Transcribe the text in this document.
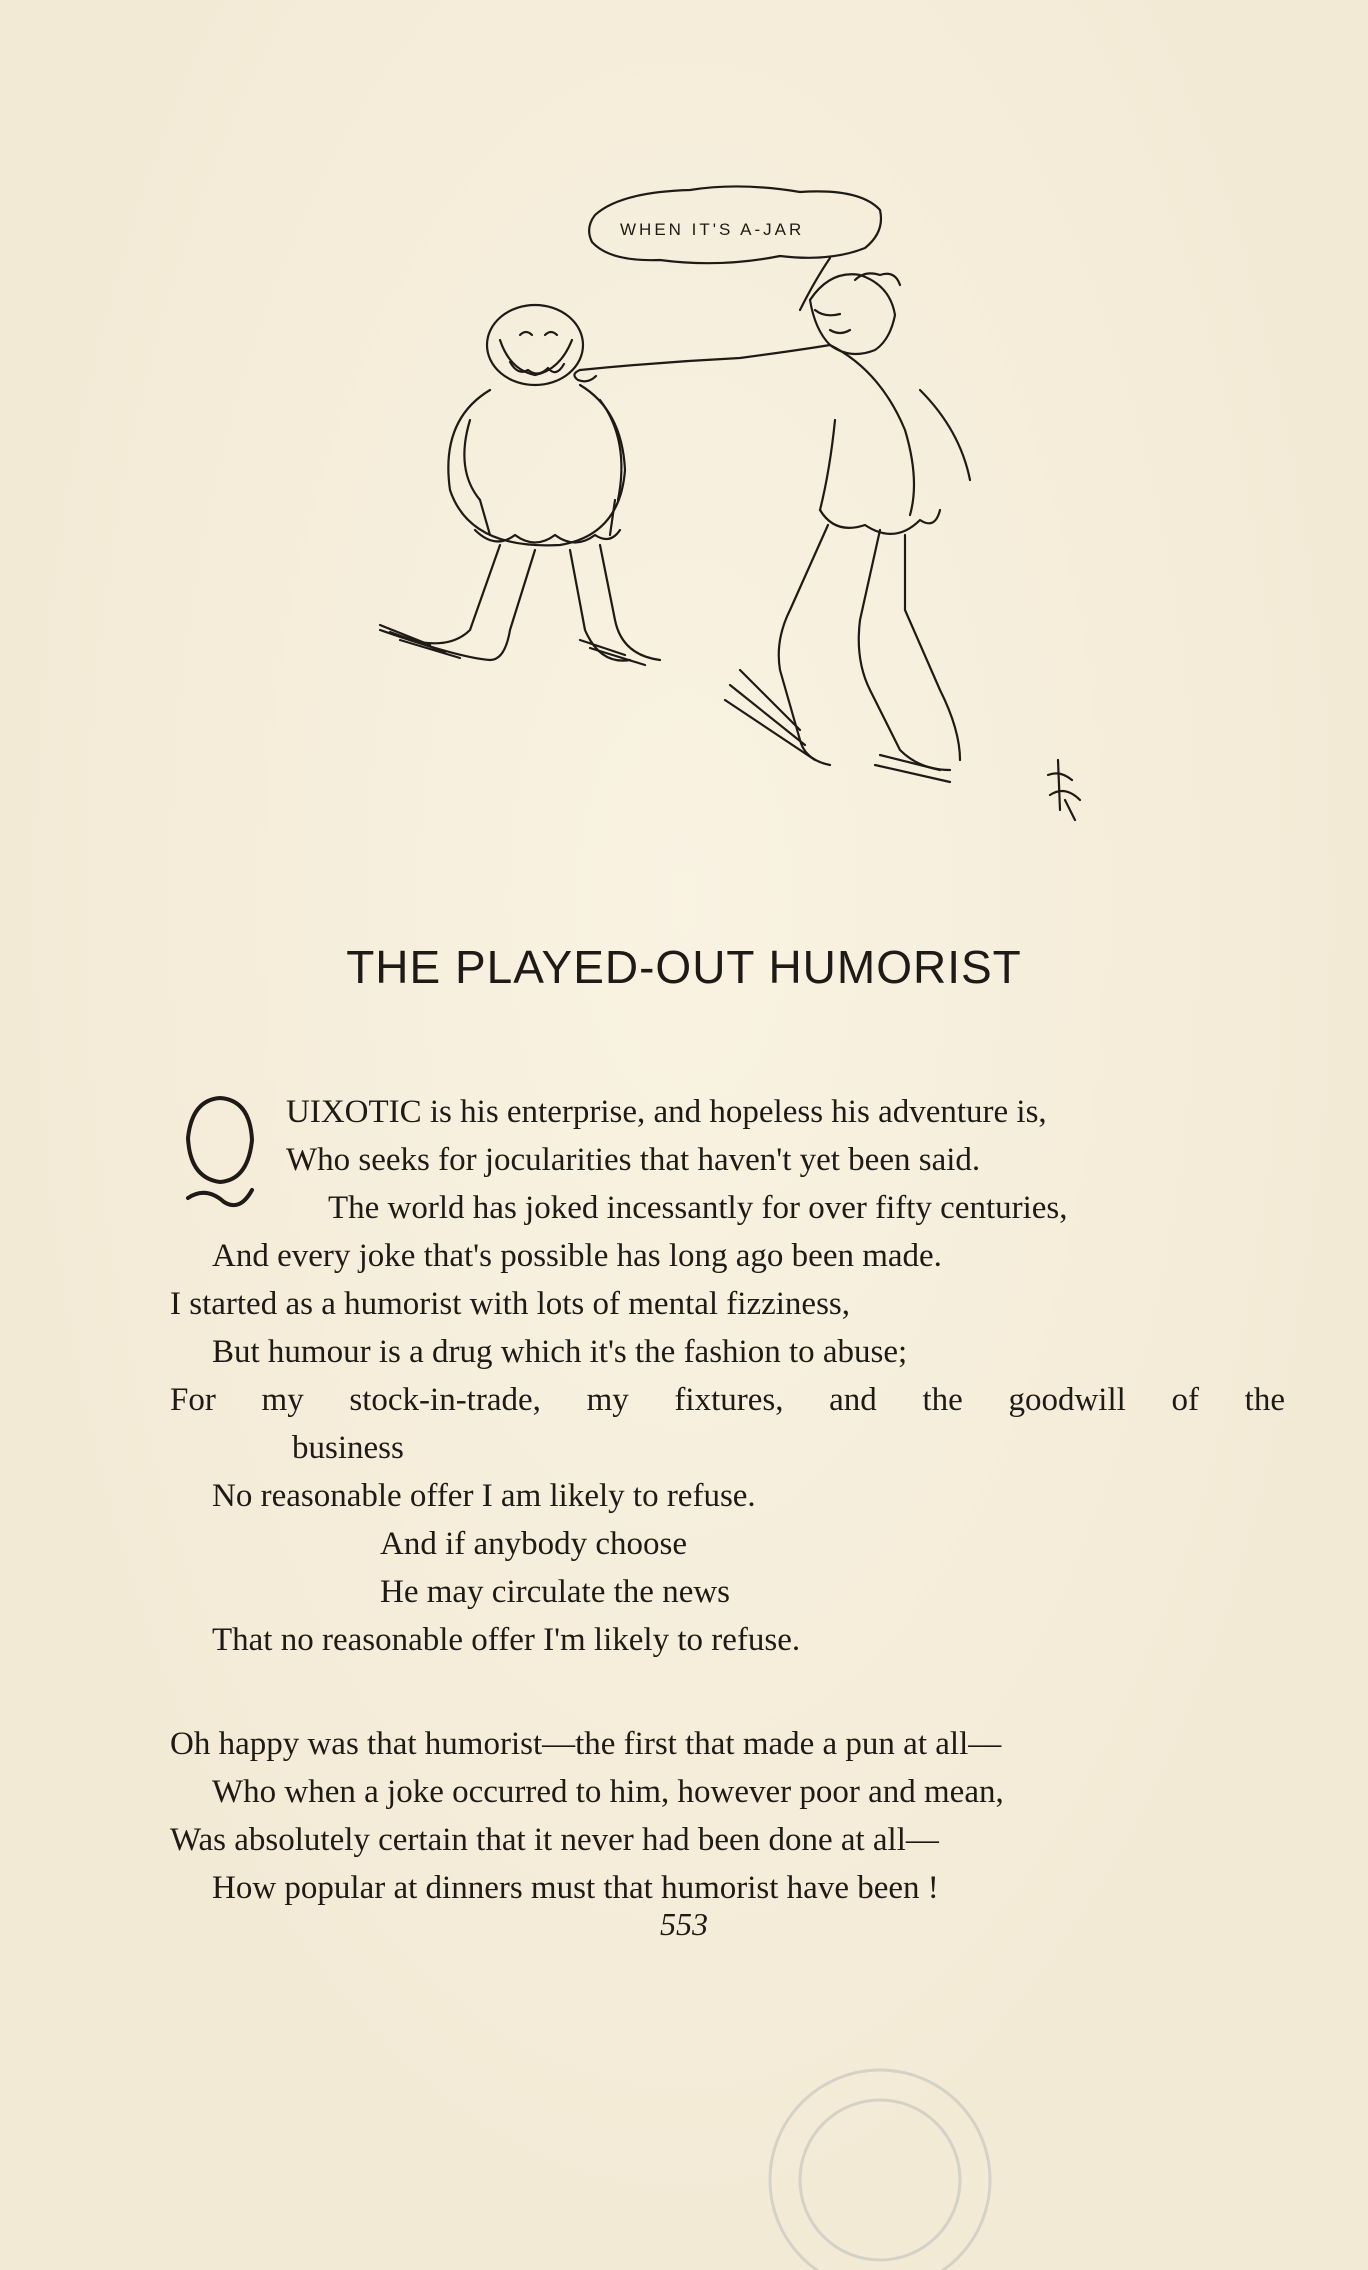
WHEN IT'S A-JAR
THE PLAYED-OUT HUMORIST
UIXOTIC is his enterprise, and hopeless his adventure is,
Who seeks for jocularities that haven't yet been said.
The world has joked incessantly for over fifty centuries,
And every joke that's possible has long ago been made.
I started as a humorist with lots of mental fizziness,
But humour is a drug which it's the fashion to abuse;
For my stock-in-trade, my fixtures, and the goodwill of the
business
No reasonable offer I am likely to refuse.
And if anybody choose
He may circulate the news
That no reasonable offer I'm likely to refuse.
Oh happy was that humorist—the first that made a pun at all—
Who when a joke occurred to him, however poor and mean,
Was absolutely certain that it never had been done at all—
How popular at dinners must that humorist have been !
553
